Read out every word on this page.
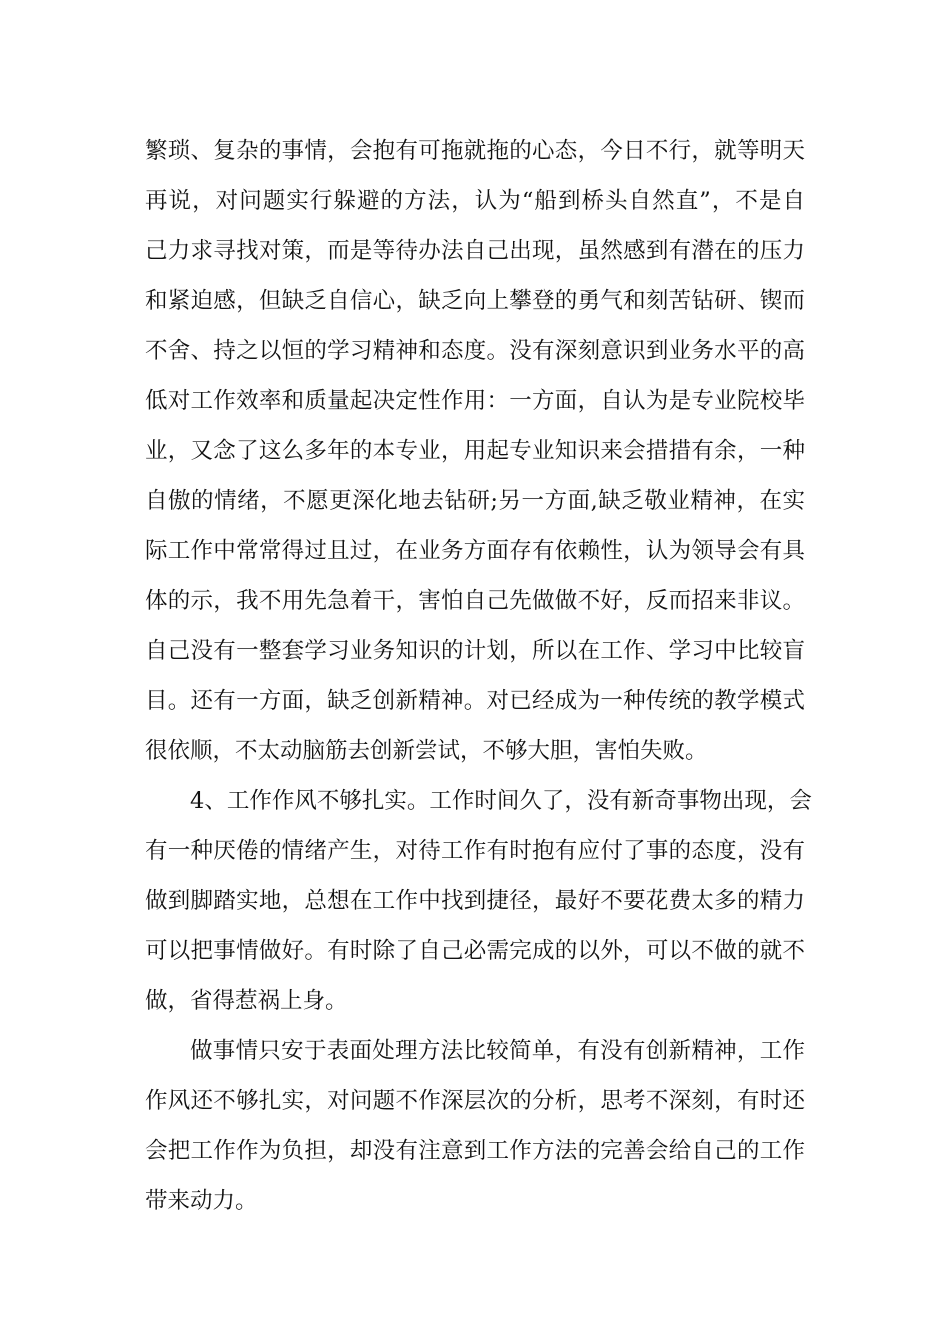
繁琐、复杂的事情，会抱有可拖就拖的心态，今日不行，就等明天
再说，对问题实行躲避的方法，认为“船到桥头自然直”，不是自
己力求寻找对策，而是等待办法自己出现，虽然感到有潜在的压力
和紧迫感，但缺乏自信心，缺乏向上攀登的勇气和刻苦钻研、锲而
不舍、持之以恒的学习精神和态度。没有深刻意识到业务水平的高
低对工作效率和质量起决定性作用：一方面，自认为是专业院校毕
业，又念了这么多年的本专业，用起专业知识来会措措有余，一种
自傲的情绪，不愿更深化地去钻研;另一方面,缺乏敬业精神，在实
际工作中常常得过且过，在业务方面存有依赖性，认为领导会有具
体的示，我不用先急着干，害怕自己先做做不好，反而招来非议。
自己没有一整套学习业务知识的计划，所以在工作、学习中比较盲
目。还有一方面，缺乏创新精神。对已经成为一种传统的教学模式
很依顺，不太动脑筋去创新尝试，不够大胆，害怕失败。
4、工作作风不够扎实。工作时间久了，没有新奇事物出现，会
有一种厌倦的情绪产生，对待工作有时抱有应付了事的态度，没有
做到脚踏实地，总想在工作中找到捷径，最好不要花费太多的精力
可以把事情做好。有时除了自己必需完成的以外，可以不做的就不
做，省得惹祸上身。
做事情只安于表面处理方法比较简单，有没有创新精神，工作
作风还不够扎实，对问题不作深层次的分析，思考不深刻，有时还
会把工作作为负担，却没有注意到工作方法的完善会给自己的工作
带来动力。
